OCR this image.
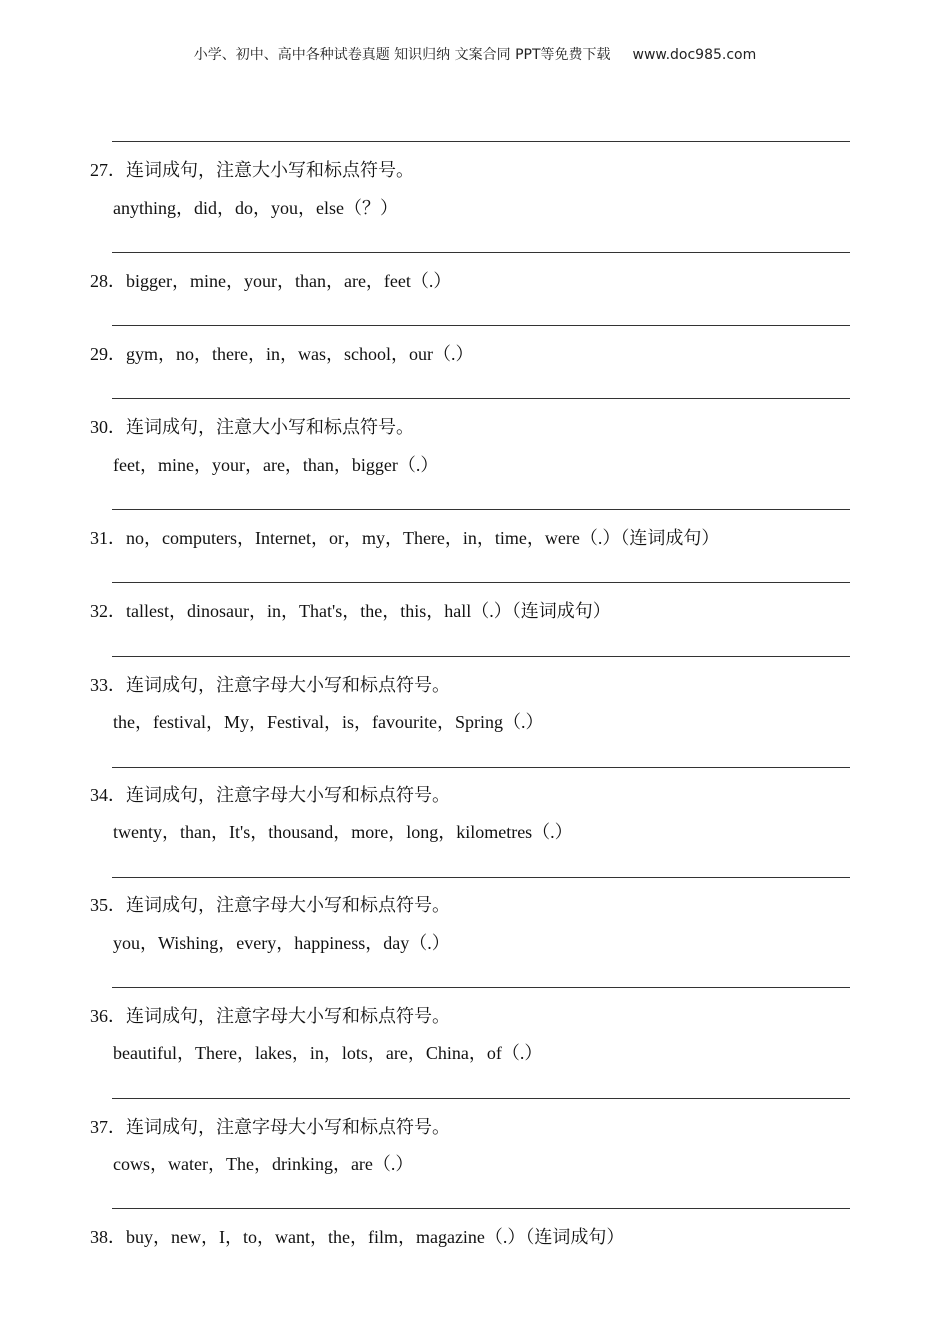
小学、初中、高中各种试卷真题 知识归纳 文案合同 PPT等免费下载 www.doc985.com
27．连词成句，注意大小写和标点符号。
anything，did，do，you，else（？）
28．bigger，mine，your，than，are，feet（.）
29．gym，no，there，in，was，school，our（.）
30．连词成句，注意大小写和标点符号。
feet，mine，your，are，than，bigger（.）
31．no，computers，Internet，or，my，There，in，time，were（.）（连词成句）
32．tallest，dinosaur，in，That's，the，this，hall（.）（连词成句）
33．连词成句，注意字母大小写和标点符号。
the，festival，My，Festival，is，favourite，Spring（.）
34．连词成句，注意字母大小写和标点符号。
twenty，than，It's，thousand，more，long，kilometres（.）
35．连词成句，注意字母大小写和标点符号。
you，Wishing，every，happiness，day（.）
36．连词成句，注意字母大小写和标点符号。
beautiful，There，lakes，in，lots，are，China，of（.）
37．连词成句，注意字母大小写和标点符号。
cows，water，The，drinking，are（.）
38．buy，new，I，to，want，the，film，magazine（.）（连词成句）
